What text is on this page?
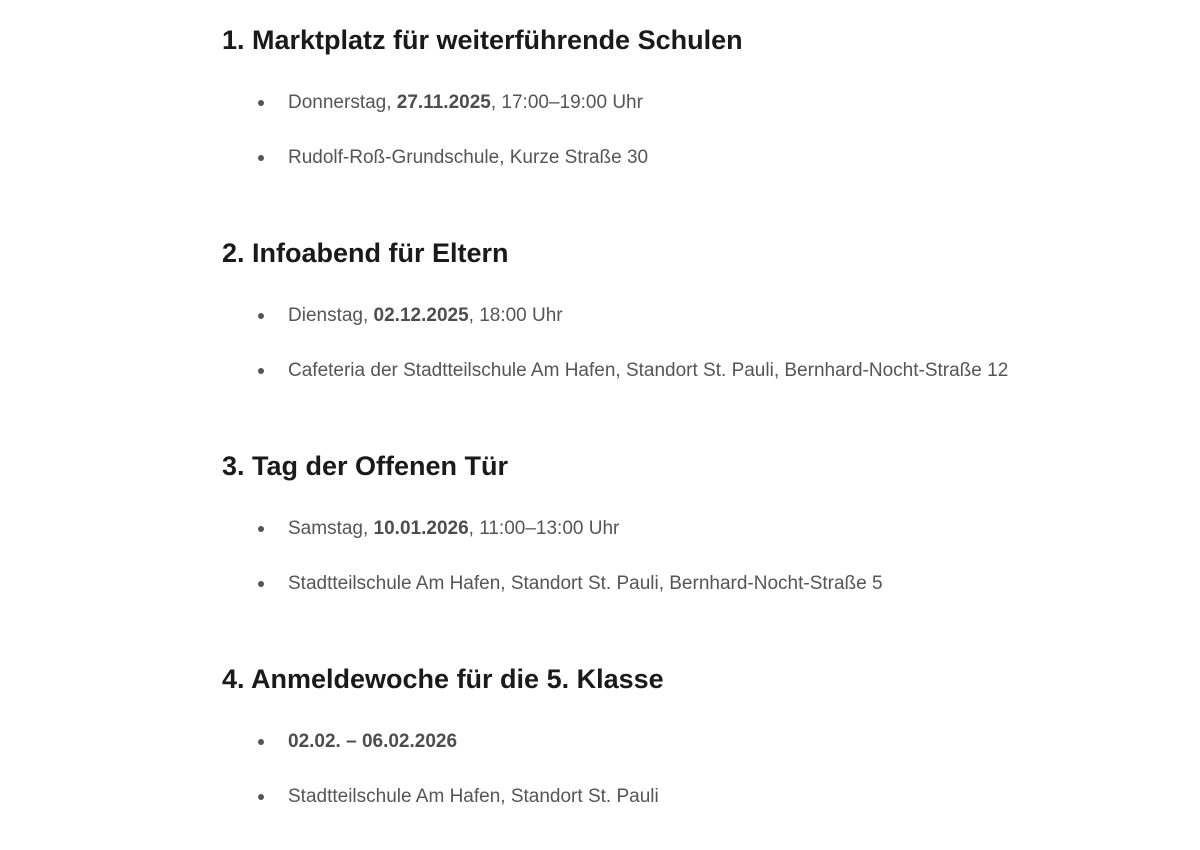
1. Marktplatz für weiterführende Schulen
Donnerstag, 27.11.2025, 17:00–19:00 Uhr
Rudolf-Roß-Grundschule, Kurze Straße 30
2. Infoabend für Eltern
Dienstag, 02.12.2025, 18:00 Uhr
Cafeteria der Stadtteilschule Am Hafen, Standort St. Pauli, Bernhard-Nocht-Straße 12
3. Tag der Offenen Tür
Samstag, 10.01.2026, 11:00–13:00 Uhr
Stadtteilschule Am Hafen, Standort St. Pauli, Bernhard-Nocht-Straße 5
4. Anmeldewoche für die 5. Klasse
02.02. – 06.02.2026
Stadtteilschule Am Hafen, Standort St. Pauli
